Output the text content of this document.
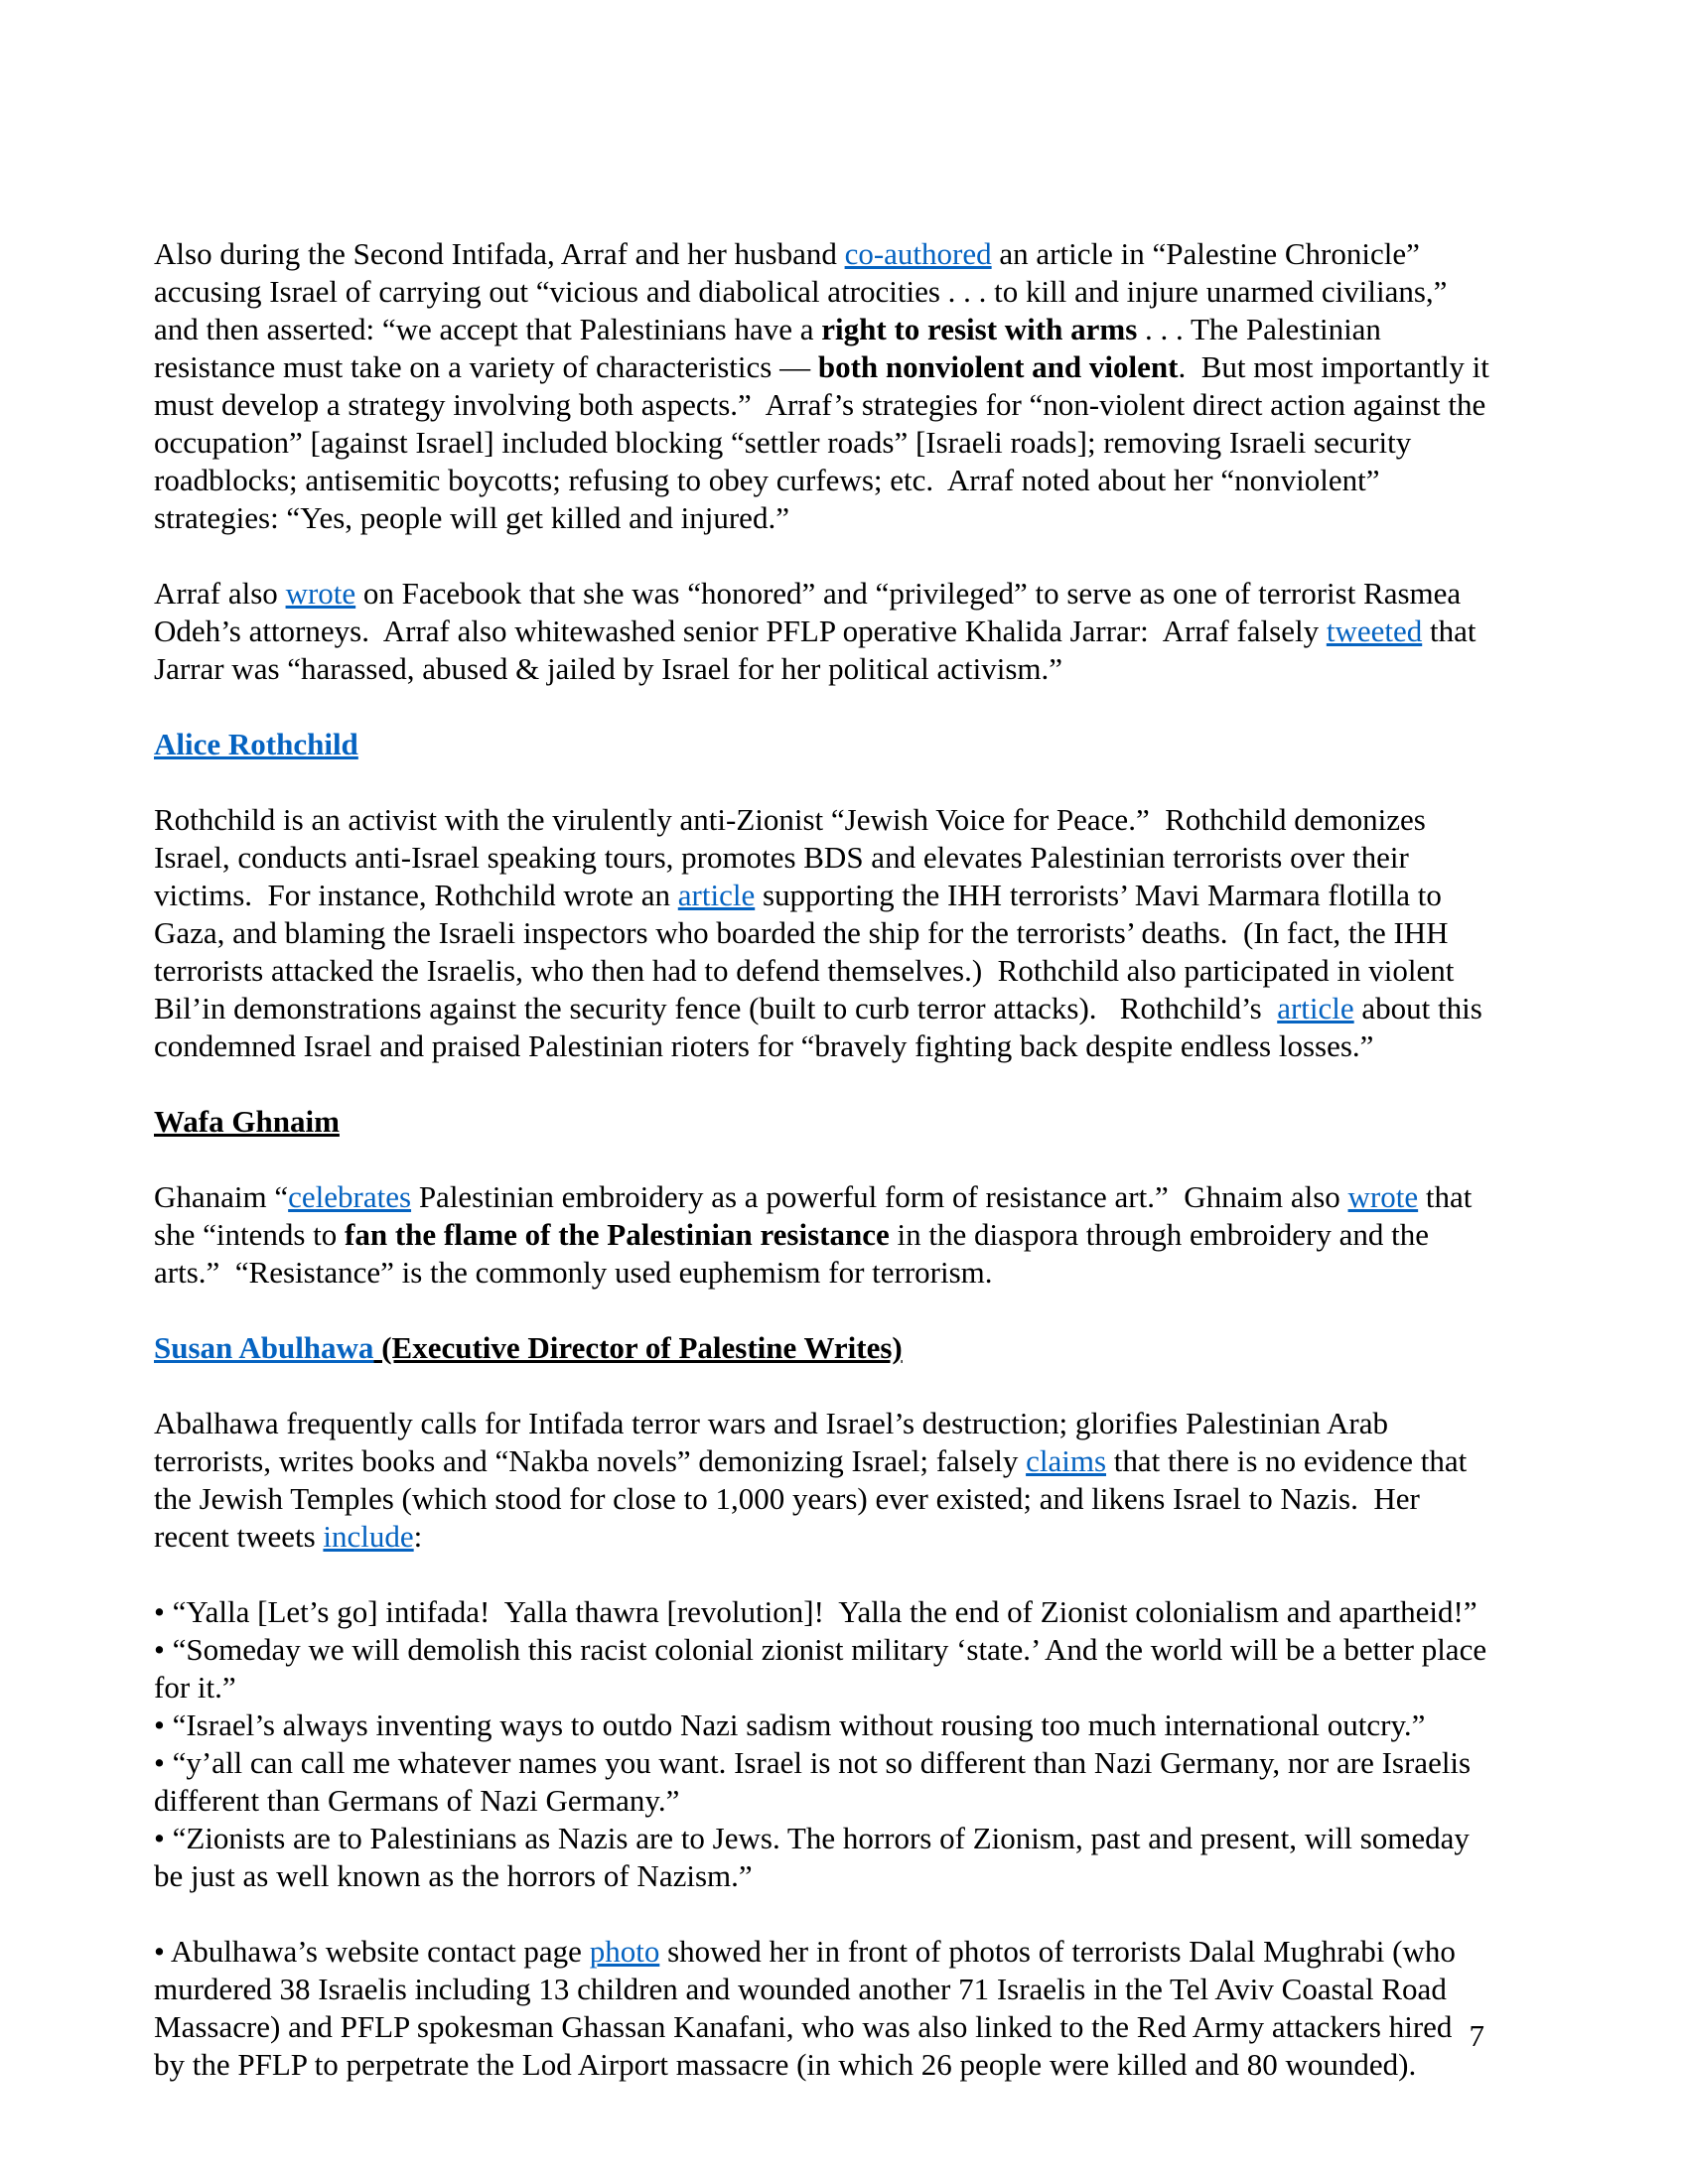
Also during the Second Intifada, Arraf and her husband co-authored an article in “Palestine Chronicle” accusing Israel of carrying out “vicious and diabolical atrocities . . . to kill and injure unarmed civilians,” and then asserted: “we accept that Palestinians have a right to resist with arms . . . The Palestinian resistance must take on a variety of characteristics — both nonviolent and violent.  But most importantly it must develop a strategy involving both aspects.”  Arraf’s strategies for “non-violent direct action against the occupation” [against Israel] included blocking “settler roads” [Israeli roads]; removing Israeli security roadblocks; antisemitic boycotts; refusing to obey curfews; etc.  Arraf noted about her “nonviolent” strategies: “Yes, people will get killed and injured.”

Arraf also wrote on Facebook that she was “honored” and “privileged” to serve as one of terrorist Rasmea Odeh’s attorneys.  Arraf also whitewashed senior PFLP operative Khalida Jarrar:  Arraf falsely tweeted that Jarrar was “harassed, abused & jailed by Israel for her political activism.”

Alice Rothchild

Rothchild is an activist with the virulently anti-Zionist “Jewish Voice for Peace.”  Rothchild demonizes Israel, conducts anti-Israel speaking tours, promotes BDS and elevates Palestinian terrorists over their victims.  For instance, Rothchild wrote an article supporting the IHH terrorists’ Mavi Marmara flotilla to Gaza, and blaming the Israeli inspectors who boarded the ship for the terrorists’ deaths.  (In fact, the IHH terrorists attacked the Israelis, who then had to defend themselves.)  Rothchild also participated in violent Bil’in demonstrations against the security fence (built to curb terror attacks).   Rothchild’s  article about this condemned Israel and praised Palestinian rioters for “bravely fighting back despite endless losses.”

Wafa Ghnaim

Ghanaim “celebrates Palestinian embroidery as a powerful form of resistance art.”  Ghnaim also wrote that she “intends to fan the flame of the Palestinian resistance in the diaspora through embroidery and the arts.”  “Resistance” is the commonly used euphemism for terrorism.

Susan Abulhawa (Executive Director of Palestine Writes)

Abalhawa frequently calls for Intifada terror wars and Israel’s destruction; glorifies Palestinian Arab terrorists, writes books and “Nakba novels” demonizing Israel; falsely claims that there is no evidence that the Jewish Temples (which stood for close to 1,000 years) ever existed; and likens Israel to Nazis.  Her recent tweets include:

• “Yalla [Let’s go] intifada!  Yalla thawra [revolution]!  Yalla the end of Zionist colonialism and apartheid!”

• “Someday we will demolish this racist colonial zionist military ‘state.’ And the world will be a better place for it.”

• “Israel’s always inventing ways to outdo Nazi sadism without rousing too much international outcry.”

• “y’all can call me whatever names you want. Israel is not so different than Nazi Germany, nor are Israelis different than Germans of Nazi Germany.”

• “Zionists are to Palestinians as Nazis are to Jews. The horrors of Zionism, past and present, will someday be just as well known as the horrors of Nazism.”

• Abulhawa’s website contact page photo showed her in front of photos of terrorists Dalal Mughrabi (who murdered 38 Israelis including 13 children and wounded another 71 Israelis in the Tel Aviv Coastal Road Massacre) and PFLP spokesman Ghassan Kanafani, who was also linked to the Red Army attackers hired by the PFLP to perpetrate the Lod Airport massacre (in which 26 people were killed and 80 wounded).

7
